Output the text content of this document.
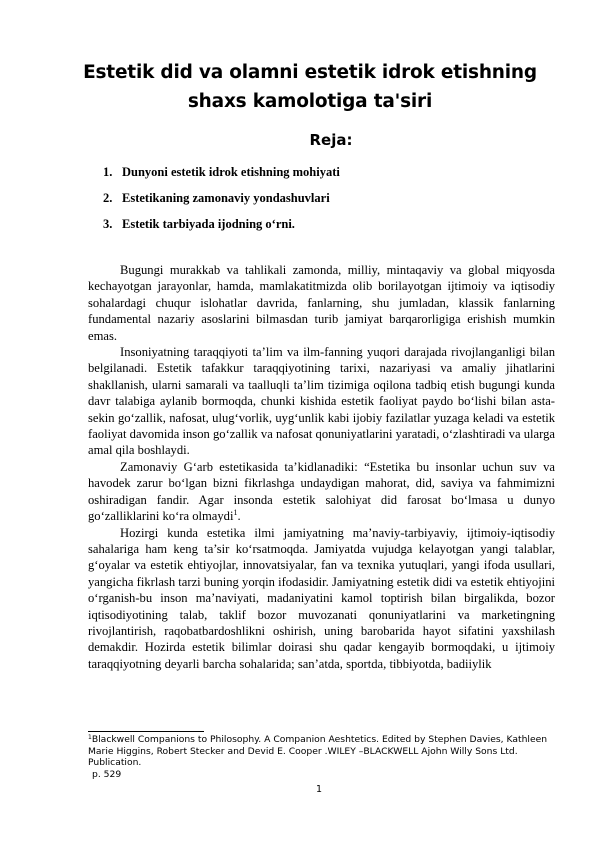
Estetik did va olamni estetik idrok etishning shaxs kamolotiga ta'siri
Reja:
1. Dunyoni estetik idrok etishning mohiyati
2. Estetikaning zamonaviy yondashuvlari
3. Estetik tarbiyada ijodning o‘rni.

Bugungi murakkab va tahlikali zamonda, milliy, mintaqaviy va global miqyosda kechayotgan jarayonlar, hamda, mamlakatitmizda olib borilayotgan ijtimoiy va iqtisodiy sohalardagi chuqur islohatlar davrida, fanlarning, shu jumladan, klassik fanlarning fundamental nazariy asoslarini bilmasdan turib jamiyat barqarorligiga erishish mumkin emas.

Insoniyatning taraqqiyoti ta’lim va ilm-fanning yuqori darajada rivojlanganligi bilan belgilanadi. Estetik tafakkur taraqqiyotining tarixi, nazariyasi va amaliy jihatlarini shakllanish, ularni samarali va taalluqli ta’lim tizimiga oqilona tadbiq etish bugungi kunda davr talabiga aylanib bormoqda, chunki kishida estetik faoliyat paydo bo‘lishi bilan asta-sekin go‘zallik, nafosat, ulug‘vorlik, uyg‘unlik kabi ijobiy fazilatlar yuzaga keladi va estetik faoliyat davomida inson go‘zallik va nafosat qonuniyatlarini yaratadi, o‘zlashtiradi va ularga amal qila boshlaydi.

Zamonaviy G‘arb estetikasida ta’kidlanadiki: “Estetika bu insonlar uchun suv va havodek zarur bo‘lgan bizni fikrlashga undaydigan mahorat, did, saviya va fahmimizni oshiradigan fandir. Agar insonda estetik salohiyat did farosat bo‘lmasa u dunyo go‘zalliklarini ko‘ra olmaydi$^1$.

Hozirgi kunda estetika ilmi jamiyatning ma’naviy-tarbiyaviy, ijtimoiy-iqtisodiy sahalariga ham keng ta’sir ko‘rsatmoqda. Jamiyatda vujudga kelayotgan yangi talablar, g‘oyalar va estetik ehtiyojlar, innovatsiyalar, fan va texnika yutuqlari, yangi ifoda usullari, yangicha fikrlash tarzi buning yorqin ifodasidir. Jamiyatning estetik didi va estetik ehtiyojini o‘rganish-bu inson ma’naviyati, madaniyatini kamol toptirish bilan birgalikda, bozor iqtisodiyotining talab, taklif bozor muvozanati qonuniyatlarini va marketingning rivojlantirish, raqobatbardoshlikni oshirish, uning barobarida hayot sifatini yaxshilash demakdir. Hozirda estetik bilimlar doirasi shu qadar kengayib bormoqdaki, u ijtimoiy taraqqiyotning deyarli barcha sohalarida; san’atda, sportda, tibbiyotda, badiiylik

$^1$Blackwell Companions to Philosophy. A Companion Aeshtetics. Edited by Stephen Davies, Kathleen Marie Higgins, Robert Stecker and Devid E. Cooper .WILEY –BLACKWELL Ajohn Willy Sons Ltd. Publication.
p. 529
1
